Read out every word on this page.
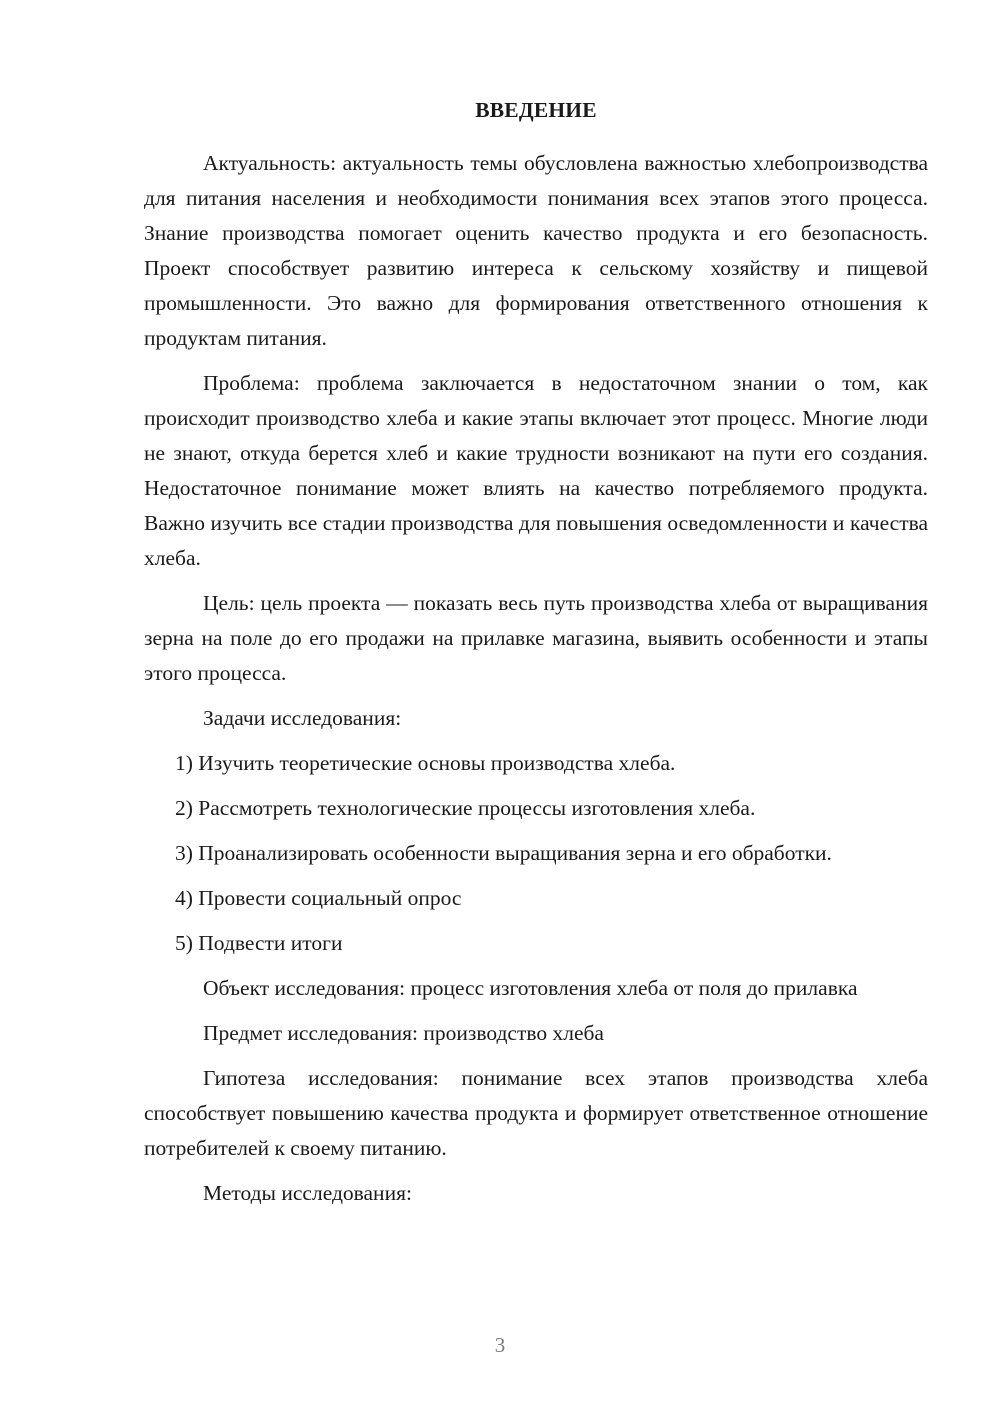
ВВЕДЕНИЕ

Актуальность: актуальность темы обусловлена важностью хлебопроизводства для питания населения и необходимости понимания всех этапов этого процесса. Знание производства помогает оценить качество продукта и его безопасность. Проект способствует развитию интереса к сельскому хозяйству и пищевой промышленности. Это важно для формирования ответственного отношения к продуктам питания.

Проблема: проблема заключается в недостаточном знании о том, как происходит производство хлеба и какие этапы включает этот процесс. Многие люди не знают, откуда берется хлеб и какие трудности возникают на пути его создания. Недостаточное понимание может влиять на качество потребляемого продукта. Важно изучить все стадии производства для повышения осведомленности и качества хлеба.

Цель: цель проекта — показать весь путь производства хлеба от выращивания зерна на поле до его продажи на прилавке магазина, выявить особенности и этапы этого процесса.

Задачи исследования:

1) Изучить теоретические основы производства хлеба.

2) Рассмотреть технологические процессы изготовления хлеба.

3) Проанализировать особенности выращивания зерна и его обработки.

4) Провести социальный опрос

5) Подвести итоги

Объект исследования: процесс изготовления хлеба от поля до прилавка

Предмет исследования: производство хлеба

Гипотеза исследования: понимание всех этапов производства хлеба способствует повышению качества продукта и формирует ответственное отношение потребителей к своему питанию.

Методы исследования:

3
